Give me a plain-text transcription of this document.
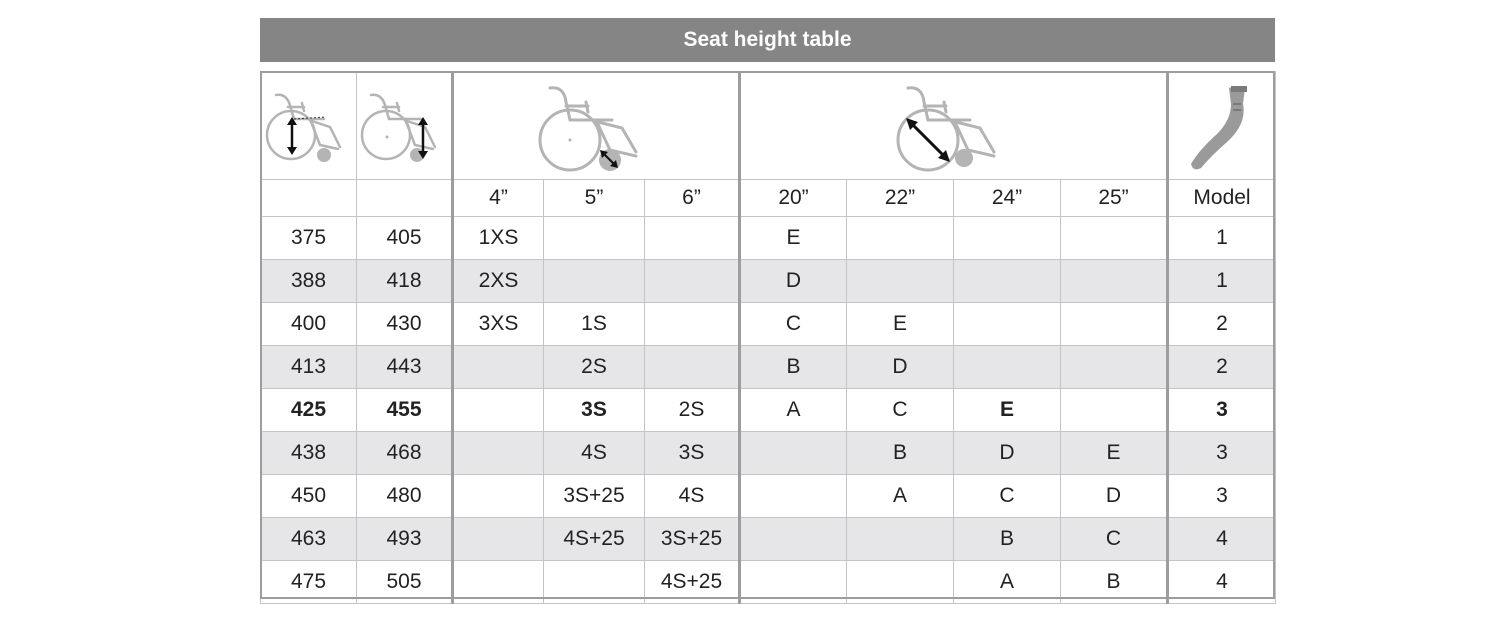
Seat height table

		4”	5”	6”	20”	22”	24”	25”	Model
375	405	1XS			E				1
388	418	2XS			D				1
400	430	3XS	1S		C	E			2
413	443		2S		B	D			2
425	455		3S	2S	A	C	E		3
438	468		4S	3S		B	D	E	3
450	480		3S+25	4S		A	C	D	3
463	493		4S+25	3S+25			B	C	4
475	505			4S+25			A	B	4
